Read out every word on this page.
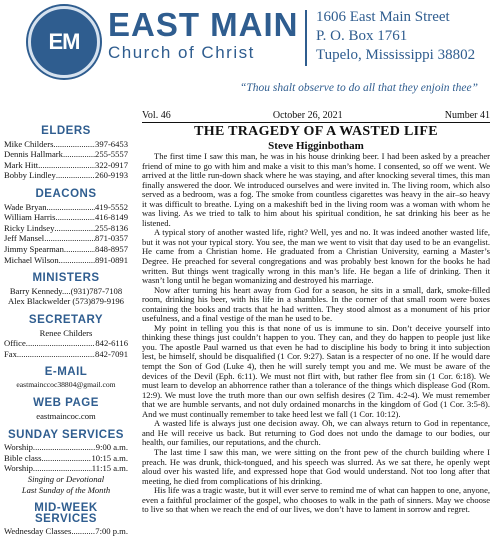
EM EAST MAIN
Church of Christ
1606 East Main Street
P. O. Box 1761
Tupelo, Mississippi 38802
“Thou shalt observe to do all that they enjoin thee”
ELDERS
Mike Childers .....	397-6453
Dennis Hallmark .....	255-5557
Mark Hitt .....	322-0917
Bobby Lindley .....	260-9193
DEACONS
Wade Bryan .....	419-5552
William Harris .....	416-8149
Ricky Lindsey .....	255-8136
Jeff Mansel .....	871-0357
Jimmy Spearman .....	848-8957
Michael Wilson .....	891-0891
MINISTERS
Barry Kennedy....(931)787-7108
Alex Blackwelder (573)879-9196
SECRETARY
Renee Childers
Office .....	842-6116
Fax .....	842-7091
E-MAIL
eastmainccoc38804@gmail.com
WEB PAGE
eastmaincoc.com
SUNDAY SERVICES
Worship .....	9:00 a.m.
Bible class .....	10:15 a.m.
Worship .....	11:15 a.m.
Singing or Devotional
Last Sunday of the Month
MID-WEEK
SERVICES
Wednesday Classes .....	7:00 p.m.
Vol. 46	October 26, 2021	Number 41
THE TRAGEDY OF A WASTED LIFE
Steve Higginbotham

The first time I saw this man, he was in his house drinking beer. I had been asked by a preacher friend of mine to go with him and make a visit to this man’s home. I consented, so off we went. We arrived at the little run-down shack where he was staying, and after knocking several times, this man finally answered the door. We introduced ourselves and were invited in. The living room, which also served as a bedroom, was a fog. The smoke from countless cigarettes was heavy in the air–so heavy it was difficult to breathe. Lying on a makeshift bed in the living room was a woman with whom he was living. As we tried to talk to him about his spiritual condition, he sat drinking his beer as he listened.

A typical story of another wasted life, right? Well, yes and no. It was indeed another wasted life, but it was not your typical story. You see, the man we went to visit that day used to be an evangelist. He came from a Christian home. He graduated from a Christian University, earning a Master’s Degree. He preached for several congregations and was probably best known for the books he had written. But things went tragically wrong in this man’s life. He began a life of drinking. Then it wasn’t long until he began womanizing and destroyed his marriage.

Now after turning his heart away from God for a season, he sits in a small, dark, smoke-filled room, drinking his beer, with his life in a shambles. In the corner of that small room were boxes containing the books and tracts that he had written. They stood almost as a monument of his prior usefulness, and a final vestige of the man he used to be.

My point in telling you this is that none of us is immune to sin. Don’t deceive yourself into thinking these things just couldn’t happen to you. They can, and they do happen to people just like you. The apostle Paul warned us that even he had to discipline his body to bring it into subjection lest, be himself, should be disqualified (1 Cor. 9:27). Satan is a respecter of no one. If he would dare tempt the Son of God (Luke 4), then he will surely tempt you and me. We must be aware of the devices of the Devil (Eph. 6:11). We must not flirt with, but rather flee from sin (1 Cor. 6:18). We must learn to develop an abhorrence rather than a tolerance of the things which displease God (Rom. 12:9). We must love the truth more than our own selfish desires (2 Tim. 4:2-4). We must remember that we are humble servants, and not duly ordained monarchs in the kingdom of God (1 Cor. 3:5-8). And we must continually remember to take heed lest we fall (1 Cor. 10:12).

A wasted life is always just one decision away. Oh, we can always return to God in repentance, and He will receive us back. But returning to God does not undo the damage to our bodies, our health, our families, our reputations, and the church.

The last time I saw this man, we were sitting on the front pew of the church building where I preach. He was drunk, thick-tongued, and his speech was slurred. As we sat there, he openly wept aloud over his wasted life, and expressed hope that God would understand. Not too long after that meeting, he died from complications of his drinking.

His life was a tragic waste, but it will ever serve to remind me of what can happen to one, anyone, even a faithful proclaimer of the gospel, who chooses to walk in the path of sinners. May we choose to live so that when we reach the end of our lives, we don’t have to lament in sorrow and regret.
